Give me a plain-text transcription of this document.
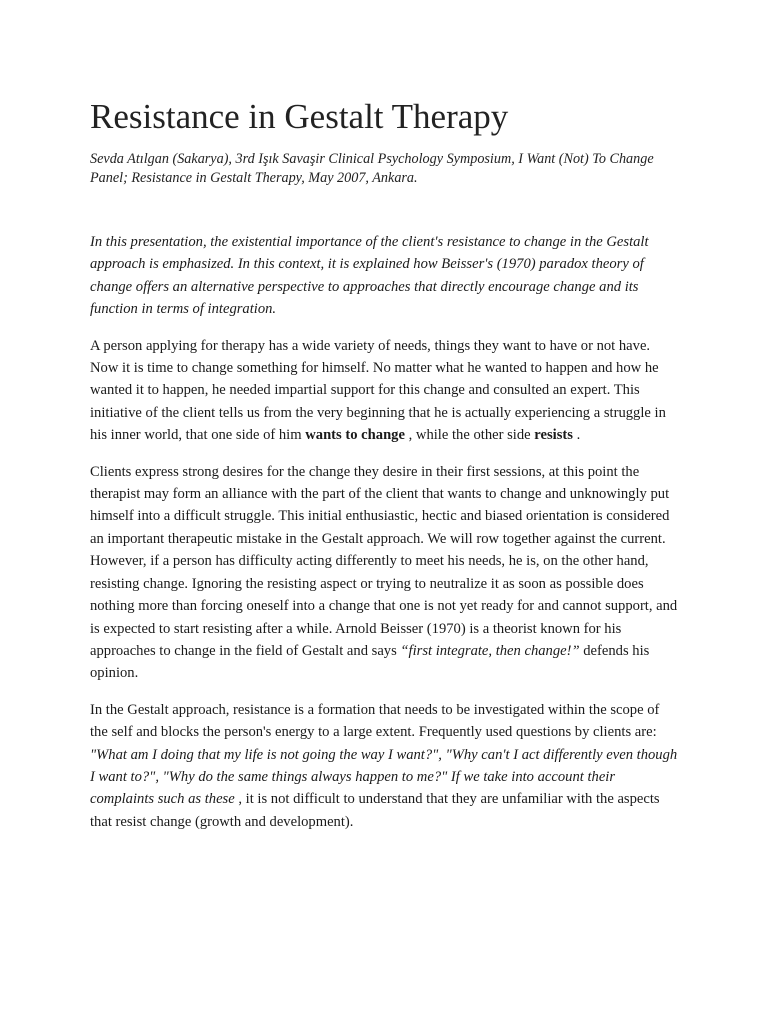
Resistance in Gestalt Therapy

Sevda Atılgan (Sakarya), 3rd Işık Savaşir Clinical Psychology Symposium, I Want (Not) To Change Panel; Resistance in Gestalt Therapy, May 2007, Ankara.

In this presentation, the existential importance of the client's resistance to change in the Gestalt approach is emphasized. In this context, it is explained how Beisser's (1970) paradox theory of change offers an alternative perspective to approaches that directly encourage change and its function in terms of integration.

A person applying for therapy has a wide variety of needs, things they want to have or not have. Now it is time to change something for himself. No matter what he wanted to happen and how he wanted it to happen, he needed impartial support for this change and consulted an expert. This initiative of the client tells us from the very beginning that he is actually experiencing a struggle in his inner world, that one side of him wants to change , while the other side resists .

Clients express strong desires for the change they desire in their first sessions, at this point the therapist may form an alliance with the part of the client that wants to change and unknowingly put himself into a difficult struggle. This initial enthusiastic, hectic and biased orientation is considered an important therapeutic mistake in the Gestalt approach. We will row together against the current. However, if a person has difficulty acting differently to meet his needs, he is, on the other hand, resisting change. Ignoring the resisting aspect or trying to neutralize it as soon as possible does nothing more than forcing oneself into a change that one is not yet ready for and cannot support, and is expected to start resisting after a while. Arnold Beisser (1970) is a theorist known for his approaches to change in the field of Gestalt and says “first integrate, then change!” defends his opinion.

In the Gestalt approach, resistance is a formation that needs to be investigated within the scope of the self and blocks the person's energy to a large extent. Frequently used questions by clients are: "What am I doing that my life is not going the way I want?", "Why can't I act differently even though I want to?", "Why do the same things always happen to me?" If we take into account their complaints such as these , it is not difficult to understand that they are unfamiliar with the aspects that resist change (growth and development).
